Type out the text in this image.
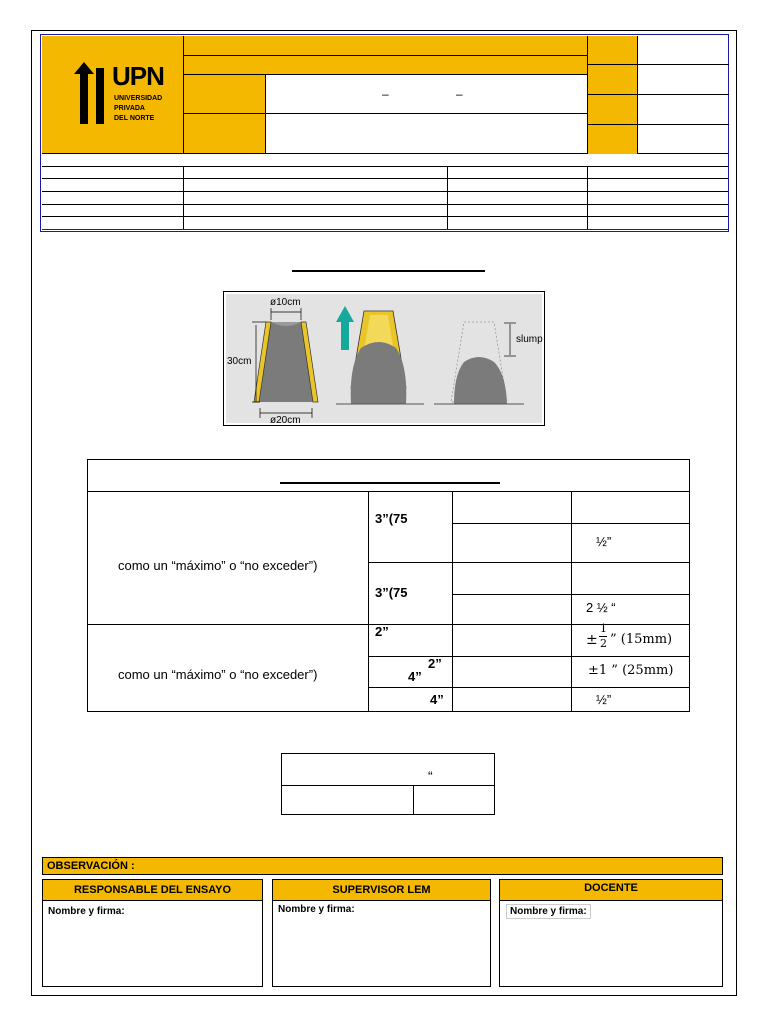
UPN
UNIVERSIDAD
PRIVADA
DEL NORTE
–	–
ø10cm
30cm
ø20cm
slump
como un “máximo” o “no exceder”)
3”(75
3”(75
½”
2 ½ “
como un “máximo” o “no exceder”)
2”
2”
4”
4”
±
1
2 ” (15mm)
±1 ” (25mm)
½”
“
OBSERVACIÓN :
RESPONSABLE DEL ENSAYO
Nombre y firma:
SUPERVISOR LEM
Nombre y firma:
DOCENTE
Nombre y firma:
